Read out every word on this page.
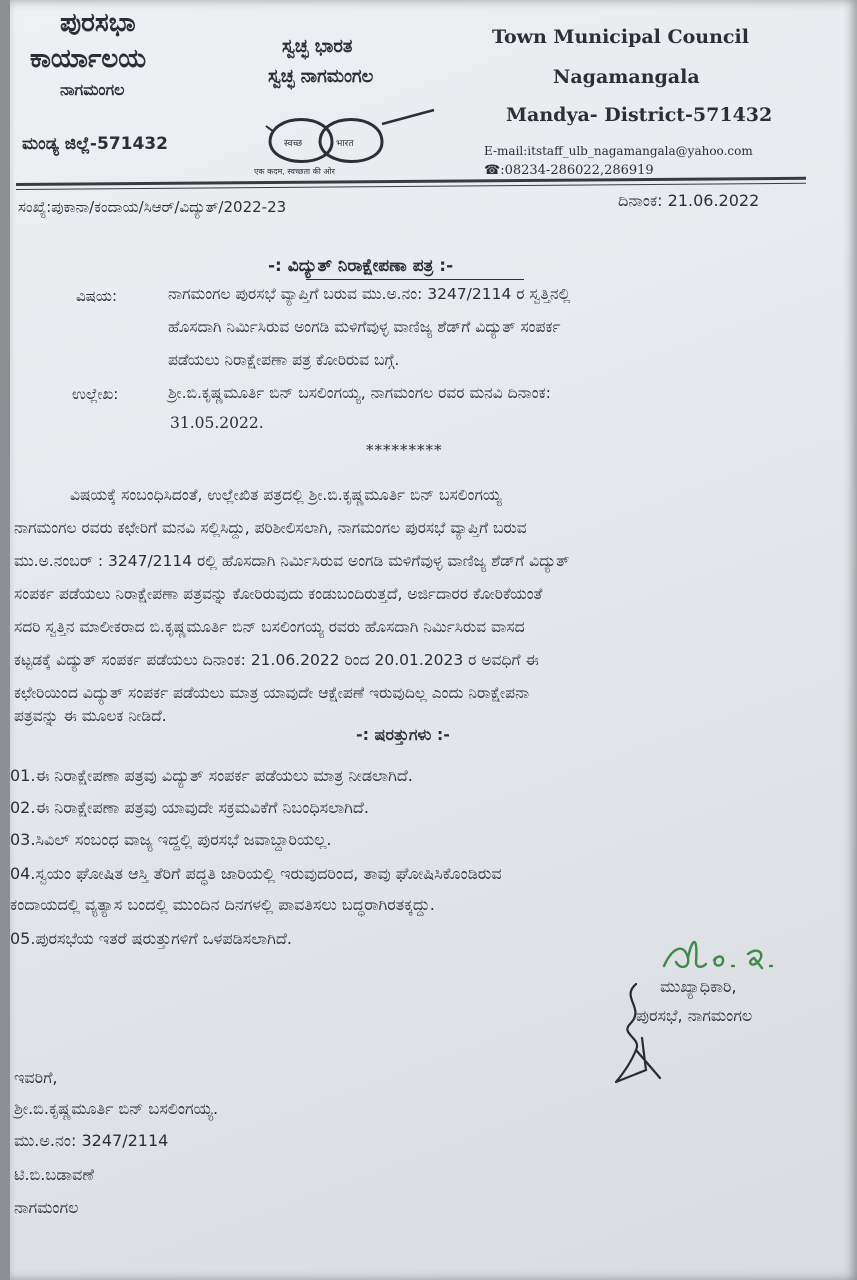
ಪುರಸಭಾ
ಕಾರ್ಯಾಲಯ
ನಾಗಮಂಗಲ
ಮಂಡ್ಯ ಜಿಲ್ಲೆ-571432
ಸ್ವಚ್ಛ ಭಾರತ
ಸ್ವಚ್ಛ ನಾಗಮಂಗಲ
स्वच्छ	भारत
एक कदम, स्वच्छता की ओर
Town Municipal Council
Nagamangala
Mandya- District-571432
E-mail:itstaff_ulb_nagamangala@yahoo.com
☎:08234-286022,286919
ಸಂಖ್ಯೆ:ಪುಕಾನಾ/ಕಂದಾಯ/ಸಿಆರ್/ವಿದ್ಯುತ್/2022-23	ದಿನಾಂಕ: 21.06.2022
-: ವಿದ್ಯುತ್ ನಿರಾಕ್ಷೇಪಣಾ ಪತ್ರ :-
ವಿಷಯ:	ನಾಗಮಂಗಲ ಪುರಸಭೆ ವ್ಯಾಪ್ತಿಗೆ ಬರುವ ಮು.ಅ.ನಂ: 3247/2114 ರ ಸ್ವತ್ತಿನಲ್ಲಿ
ಹೊಸದಾಗಿ ನಿರ್ಮಿಸಿರುವ ಅಂಗಡಿ ಮಳಿಗೆವುಳ್ಳ ವಾಣಿಜ್ಯ ಶೆಡ್‌ಗೆ ವಿದ್ಯುತ್ ಸಂಪರ್ಕ
ಪಡೆಯಲು ನಿರಾಕ್ಷೇಪಣಾ ಪತ್ರ ಕೋರಿರುವ ಬಗ್ಗೆ.
ಉಲ್ಲೇಖ:	ಶ್ರೀ.ಬಿ.ಕೃಷ್ಣಮೂರ್ತಿ ಬಿನ್ ಬಸಲಿಂಗಯ್ಯ, ನಾಗಮಂಗಲ ರವರ ಮನವಿ ದಿನಾಂಕ:
31.05.2022.
*********
ವಿಷಯಕ್ಕೆ ಸಂಬಂಧಿಸಿದಂತೆ, ಉಲ್ಲೇಖಿತ ಪತ್ರದಲ್ಲಿ ಶ್ರೀ.ಬಿ.ಕೃಷ್ಣಮೂರ್ತಿ ಬಿನ್ ಬಸಲಿಂಗಯ್ಯ
ನಾಗಮಂಗಲ ರವರು ಕಛೇರಿಗೆ ಮನವಿ ಸಲ್ಲಿಸಿದ್ದು, ಪರಿಶೀಲಿಸಲಾಗಿ, ನಾಗಮಂಗಲ ಪುರಸಭೆ ವ್ಯಾಪ್ತಿಗೆ ಬರುವ
ಮು.ಅ.ನಂಬರ್ : 3247/2114 ರಲ್ಲಿ ಹೊಸದಾಗಿ ನಿರ್ಮಿಸಿರುವ ಅಂಗಡಿ ಮಳಿಗೆವುಳ್ಳ ವಾಣಿಜ್ಯ ಶೆಡ್‌ಗೆ ವಿದ್ಯುತ್
ಸಂಪರ್ಕ ಪಡೆಯಲು ನಿರಾಕ್ಷೇಪಣಾ ಪತ್ರವನ್ನು ಕೋರಿರುವುದು ಕಂಡುಬಂದಿರುತ್ತದೆ, ಅರ್ಜಿದಾರರ ಕೋರಿಕೆಯಂತೆ
ಸದರಿ ಸ್ವತ್ತಿನ ಮಾಲೀಕರಾದ ಬಿ.ಕೃಷ್ಣಮೂರ್ತಿ ಬಿನ್ ಬಸಲಿಂಗಯ್ಯ ರವರು ಹೊಸದಾಗಿ ನಿರ್ಮಿಸಿರುವ ವಾಸದ
ಕಟ್ಟಡಕ್ಕೆ ವಿದ್ಯುತ್ ಸಂಪರ್ಕ ಪಡೆಯಲು ದಿನಾಂಕ: 21.06.2022 ರಿಂದ 20.01.2023 ರ ಅವಧಿಗೆ ಈ
ಕಛೇರಿಯಿಂದ ವಿದ್ಯುತ್ ಸಂಪರ್ಕ ಪಡೆಯಲು ಮಾತ್ರ ಯಾವುದೇ ಆಕ್ಷೇಪಣೆ ಇರುವುದಿಲ್ಲ ಎಂದು ನಿರಾಕ್ಷೇಪನಾ
ಪತ್ರವನ್ನು ಈ ಮೂಲಕ ನೀಡಿದೆ.
-: ಷರತ್ತುಗಳು :-
01.ಈ ನಿರಾಕ್ಷೇಪಣಾ ಪತ್ರವು ವಿದ್ಯುತ್ ಸಂಪರ್ಕ ಪಡೆಯಲು ಮಾತ್ರ ನೀಡಲಾಗಿದೆ.
02.ಈ ನಿರಾಕ್ಷೇಪಣಾ ಪತ್ರವು ಯಾವುದೇ ಸಕ್ರಮವಿಕೆಗೆ ನಿಬಂಧಿಸಲಾಗಿದೆ.
03.ಸಿವಿಲ್ ಸಂಬಂಧ ವಾಜ್ಯ ಇದ್ದಲ್ಲಿ ಪುರಸಭೆ ಜವಾಬ್ದಾರಿಯಲ್ಲ.
04.ಸ್ವಯಂ ಘೋಷಿತ ಆಸ್ತಿ ತೆರಿಗೆ ಪದ್ಧತಿ ಜಾರಿಯಲ್ಲಿ ಇರುವುದರಿಂದ, ತಾವು ಘೋಷಿಸಿಕೊಂಡಿರುವ
ಕಂದಾಯದಲ್ಲಿ ವ್ಯತ್ಯಾಸ ಬಂದಲ್ಲಿ ಮುಂದಿನ ದಿನಗಳಲ್ಲಿ ಪಾವತಿಸಲು ಬದ್ಧರಾಗಿರತಕ್ಕದ್ದು.
05.ಪುರಸಭೆಯ ಇತರೆ ಷರುತ್ತುಗಳಿಗೆ ಒಳಪಡಿಸಲಾಗಿದೆ.
ಮುಖ್ಯಾಧಿಕಾರಿ,
ಪುರಸಭೆ, ನಾಗಮಂಗಲ
ಇವರಿಗೆ,
ಶ್ರೀ.ಬಿ.ಕೃಷ್ಣಮೂರ್ತಿ ಬಿನ್ ಬಸಲಿಂಗಯ್ಯ.
ಮು.ಅ.ನಂ: 3247/2114
ಟಿ.ಬಿ.ಬಡಾವಣೆ
ನಾಗಮಂಗಲ
